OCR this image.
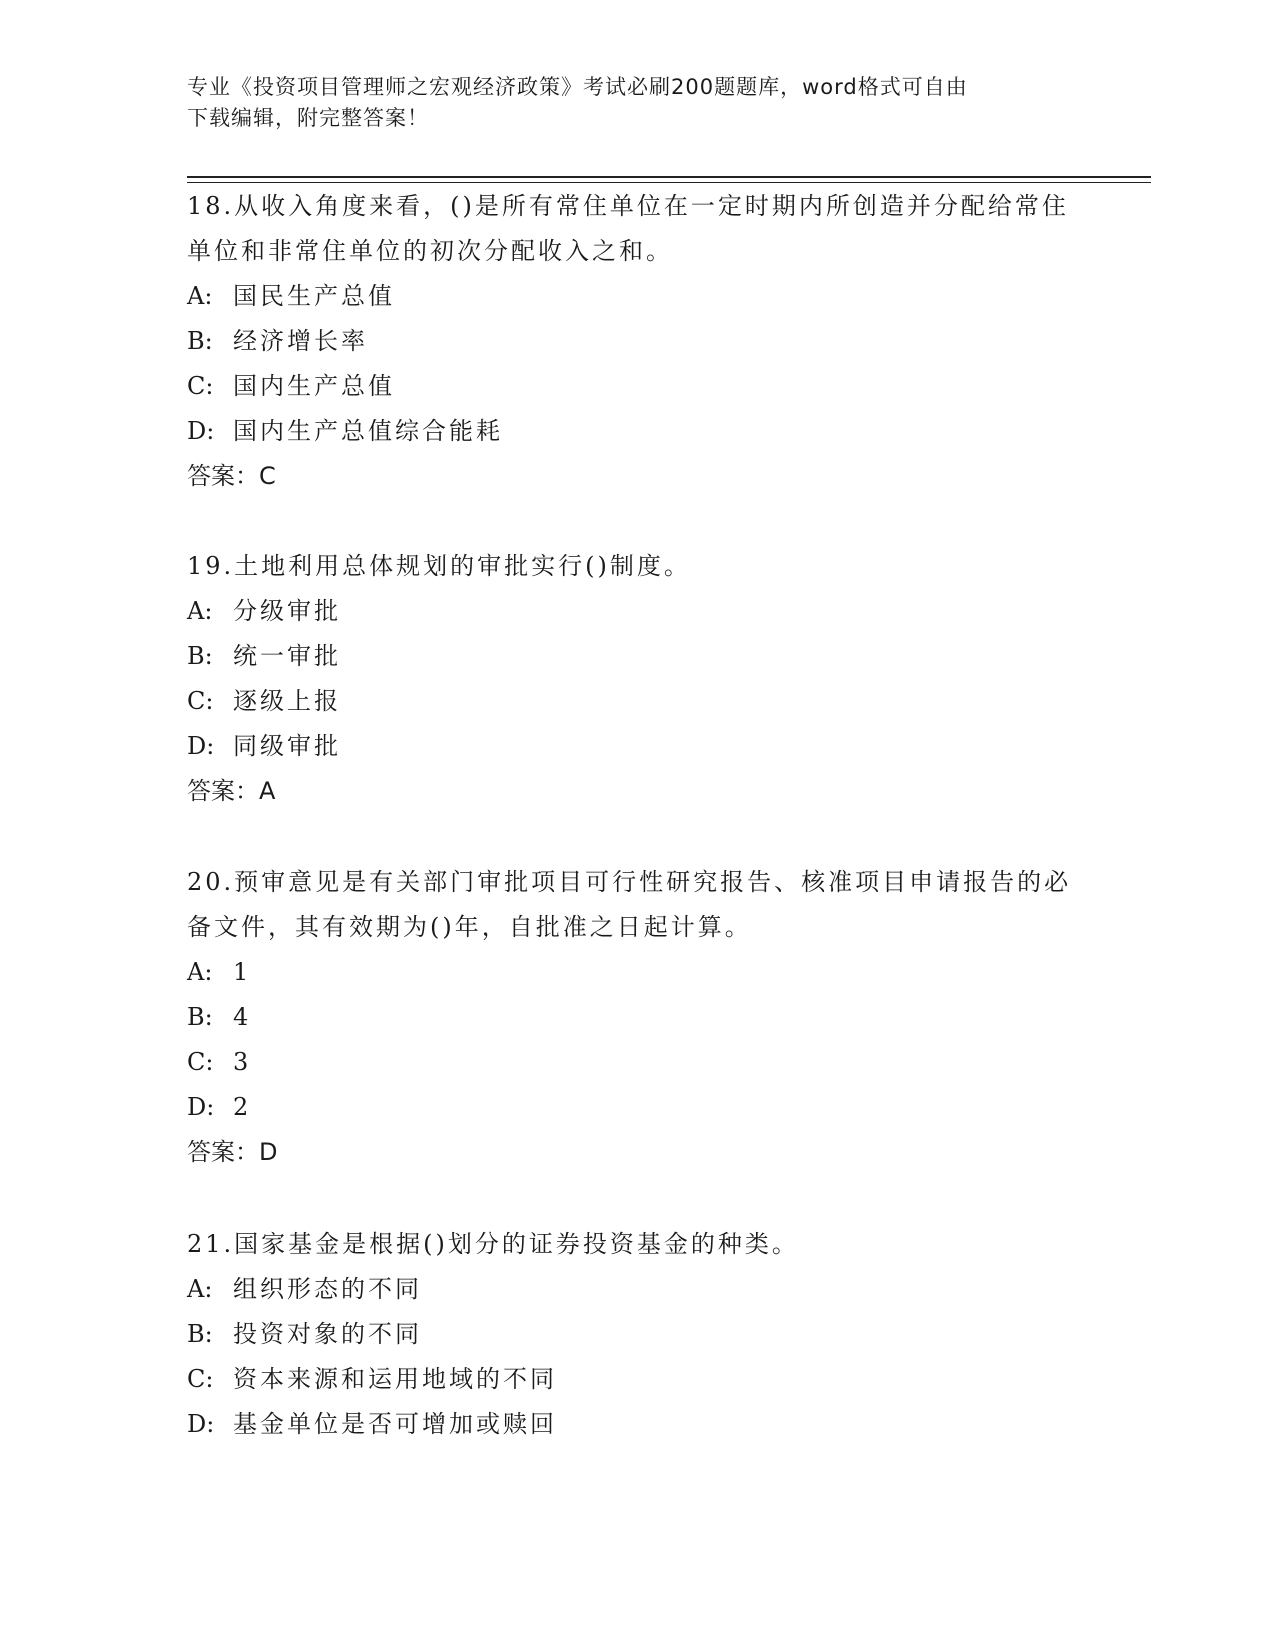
专业《投资项目管理师之宏观经济政策》考试必刷200题题库，word格式可自由
下载编辑，附完整答案！

18.从收入角度来看，()是所有常住单位在一定时期内所创造并分配给常住单位和非常住单位的初次分配收入之和。

A: 国民生产总值

B: 经济增长率

C: 国内生产总值

D: 国内生产总值综合能耗

答案：C

19.土地利用总体规划的审批实行()制度。

A: 分级审批

B: 统一审批

C: 逐级上报

D: 同级审批

答案：A

20.预审意见是有关部门审批项目可行性研究报告、核准项目申请报告的必备文件，其有效期为()年，自批准之日起计算。

A: 1

B: 4

C: 3

D: 2

答案：D

21.国家基金是根据()划分的证券投资基金的种类。

A: 组织形态的不同

B: 投资对象的不同

C: 资本来源和运用地域的不同

D: 基金单位是否可增加或赎回
